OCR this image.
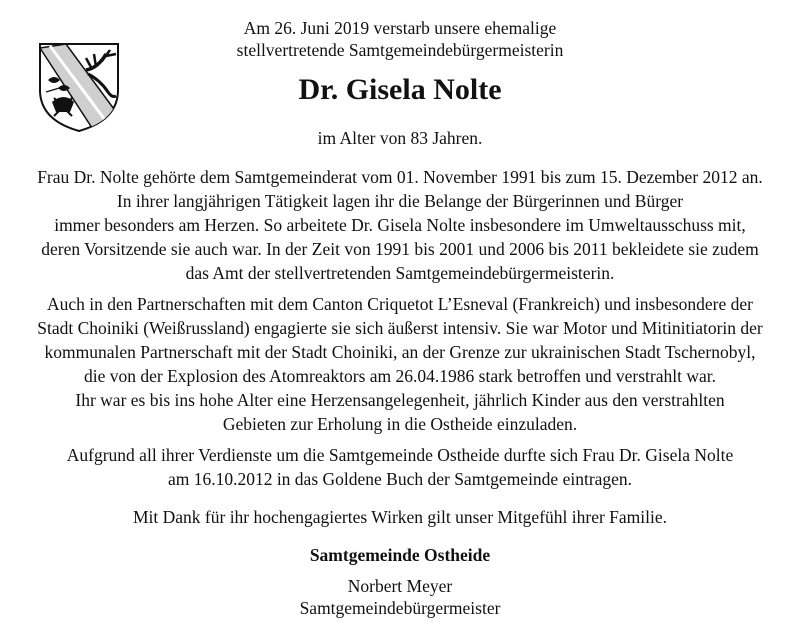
Am 26. Juni 2019 verstarb unsere ehemalige
stellvertretende Samtgemeindebürgermeisterin
Dr. Gisela Nolte
im Alter von 83 Jahren.
Frau Dr. Nolte gehörte dem Samtgemeinderat vom 01. November 1991 bis zum 15. Dezember 2012 an.
In ihrer langjährigen Tätigkeit lagen ihr die Belange der Bürgerinnen und Bürger
immer besonders am Herzen. So arbeitete Dr. Gisela Nolte insbesondere im Umweltausschuss mit,
deren Vorsitzende sie auch war. In der Zeit von 1991 bis 2001 und 2006 bis 2011 bekleidete sie zudem
das Amt der stellvertretenden Samtgemeindebürgermeisterin.
Auch in den Partnerschaften mit dem Canton Criquetot L’Esneval (Frankreich) und insbesondere der
Stadt Choiniki (Weißrussland) engagierte sie sich äußerst intensiv. Sie war Motor und Mitinitiatorin der
kommunalen Partnerschaft mit der Stadt Choiniki, an der Grenze zur ukrainischen Stadt Tschernobyl,
die von der Explosion des Atomreaktors am 26.04.1986 stark betroffen und verstrahlt war.
Ihr war es bis ins hohe Alter eine Herzensangelegenheit, jährlich Kinder aus den verstrahlten
Gebieten zur Erholung in die Ostheide einzuladen.
Aufgrund all ihrer Verdienste um die Samtgemeinde Ostheide durfte sich Frau Dr. Gisela Nolte
am 16.10.2012 in das Goldene Buch der Samtgemeinde eintragen.
Mit Dank für ihr hochengagiertes Wirken gilt unser Mitgefühl ihrer Familie.
Samtgemeinde Ostheide
Norbert Meyer
Samtgemeindebürgermeister
